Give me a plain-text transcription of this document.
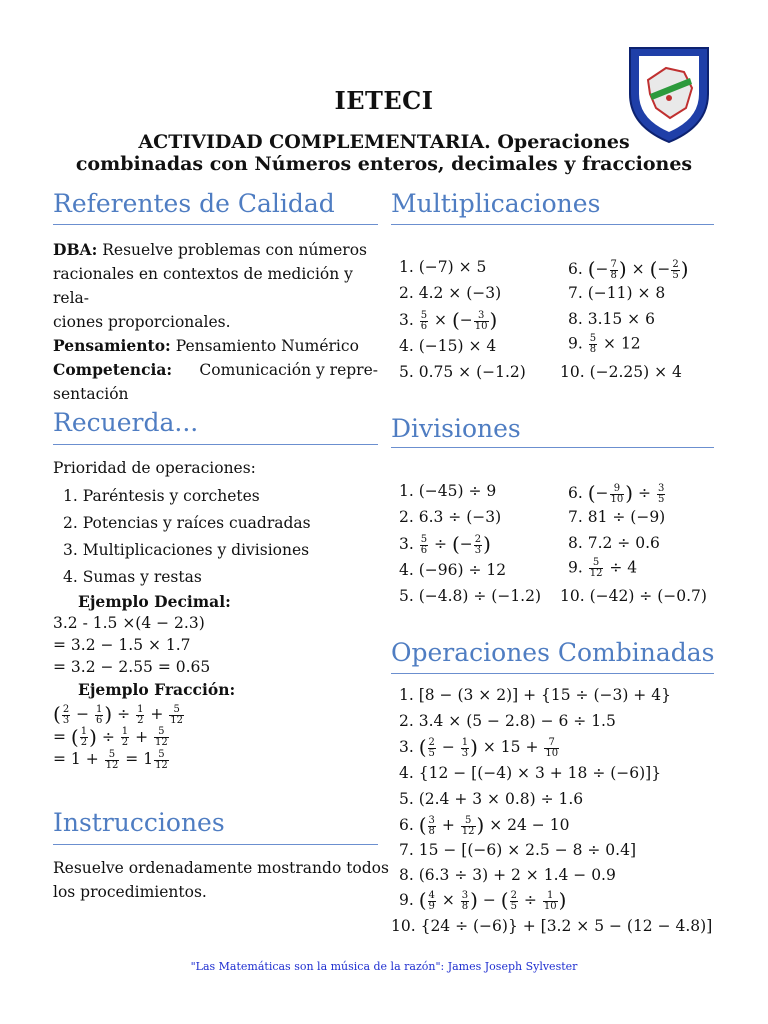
IETECI
ACTIVIDAD COMPLEMENTARIA. Operaciones
combinadas con Números enteros, decimales y fracciones
Referentes de Calidad
DBA: Resuelve problemas con números
racionales en contextos de medición y rela-
ciones proporcionales.
Pensamiento: Pensamiento Numérico
Competencia: Comunicación y repre-
sentación
Recuerda...
Prioridad de operaciones:
1. Paréntesis y corchetes
2. Potencias y raíces cuadradas
3. Multiplicaciones y divisiones
4. Sumas y restas
Ejemplo Decimal:
3.2 - 1.5 ×(4 − 2.3)
= 3.2 − 1.5 × 1.7
= 3.2 − 2.55 = 0.65
Ejemplo Fracción:
( $\frac{2}{3} - \frac{1}{6}$ ) ÷ $\frac{1}{2} + \frac{5}{12}$
= ( $\frac{1}{2}$ ) ÷ $\frac{1}{2} + \frac{5}{12}$
= $1 + \frac{5}{12} = 1 \frac{5}{12}$
Instrucciones
Resuelve ordenadamente mostrando todos
los procedimientos.
Multiplicaciones
1. (−7) × 5
2. 4.2 × (−3)
3. $\frac{5}{6}$ × (− $\frac{3}{10}$ )
4. (−15) × 4
5. 0.75 × (−1.2)
6. (− $\frac{7}{8}$ ) × (− $\frac{2}{5}$ )
7. (−11) × 8
8. 3.15 × 6
9. $\frac{5}{8} \times 12$
10. (−2.25) × 4
Divisiones
1. (−45) ÷ 9
2. 6.3 ÷ (−3)
3. $\frac{5}{6}$ ÷ (− $\frac{2}{3}$ )
4. (−96) ÷ 12
5. (−4.8) ÷ (−1.2)
6. (− $\frac{9}{10}$ ) ÷ $\frac{3}{5}$
7. 81 ÷ (−9)
8. 7.2 ÷ 0.6
9. $\frac{5}{12} \div 4$
10. (−42) ÷ (−0.7)
Operaciones Combinadas
1. [8 − (3 × 2)] + {15 ÷ (−3) + 4}
2. 3.4 × (5 − 2.8) − 6 ÷ 1.5
3. ( $\frac{2}{5} - \frac{1}{3}$ ) × $15 + \frac{7}{10}$
4. {12 − [(−4) × 3 + 18 ÷ (−6)]}
5. (2.4 + 3 × 0.8) ÷ 1.6
6. ( $\frac{3}{8} + \frac{5}{12}$ ) × 24 − 10
7. 15 − [(−6) × 2.5 − 8 ÷ 0.4]
8. (6.3 ÷ 3) + 2 × 1.4 − 0.9
9. ( $\frac{4}{9} \times \frac{3}{8}$ ) − ( $\frac{2}{5} \div \frac{1}{10}$ )
10. {24 ÷ (−6)} + [3.2 × 5 − (12 − 4.8)]
"Las Matemáticas son la música de la razón": James Joseph Sylvester
